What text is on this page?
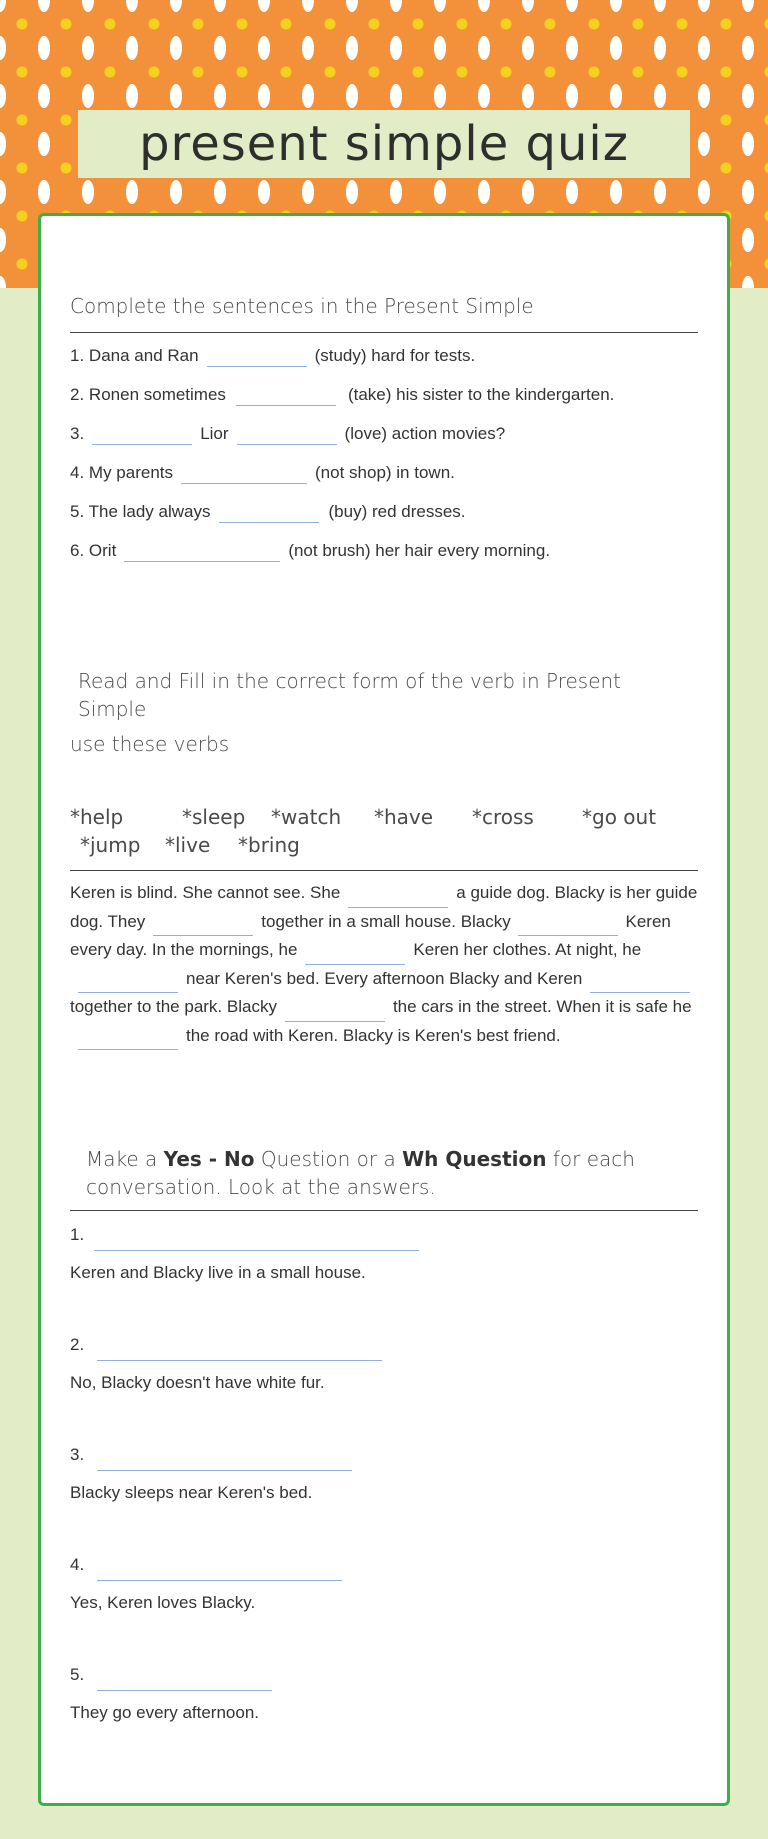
present simple quiz
Complete the sentences in the Present Simple
1. Dana and Ran	(study) hard for tests.
2. Ronen sometimes	(take) his sister to the kindergarten.
3.	Lior	(love) action movies?
4. My parents	(not shop) in town.
5. The lady always	(buy) red dresses.
6. Orit	(not brush) her hair every morning.
Read and Fill in the correct form of the verb in Present Simple
use these verbs
*help	*sleep *watch *have *cross *go out
*jump *live *bring
Keren is blind. She cannot see. She	a guide dog. Blacky is her guide dog. They	together in a small house. Blacky	Keren every day. In the mornings, he	Keren her clothes. At night, henear Keren's bed. Every afternoon Blacky and Kerentogether to the park. Blacky	the cars in the street. When it is safe hethe road with Keren. Blacky is Keren's best friend.
Make a Yes - No Question or a Wh Question for each conversation. Look at the answers.
1.
Keren and Blacky live in a small house.
2.
No, Blacky doesn't have white fur.
3.
Blacky sleeps near Keren's bed.
4.
Yes, Keren loves Blacky.
5.
They go every afternoon.
